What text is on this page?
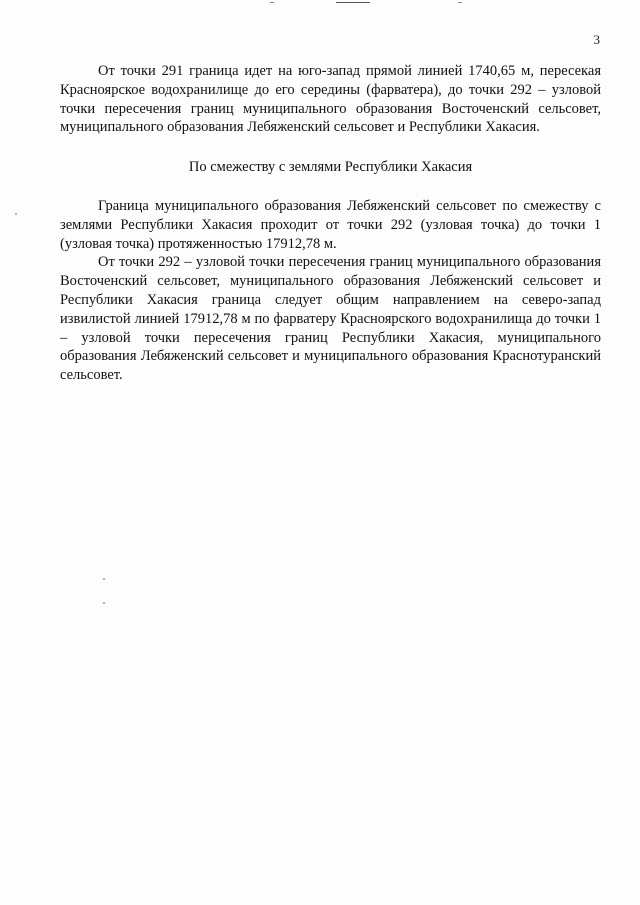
3

От точки 291 граница идет на юго-запад прямой линией 1740,65 м, пересекая Красноярское водохранилище до его середины (фарватера), до точки 292 – узловой точки пересечения границ муниципального образования Восточенский сельсовет, муниципального образования Лебяженский сельсовет и Республики Хакасия.

По смежеству с землями Республики Хакасия

Граница муниципального образования Лебяженский сельсовет по смежеству с землями Республики Хакасия проходит от точки 292 (узловая точка) до точки 1 (узловая точка) протяженностью 17912,78 м.

От точки 292 – узловой точки пересечения границ муниципального образования Восточенский сельсовет, муниципального образования Лебяженский сельсовет и Республики Хакасия граница следует общим направлением на северо-запад извилистой линией 17912,78 м по фарватеру Красноярского водохранилища до точки 1 – узловой точки пересечения границ Республики Хакасия, муниципального образования Лебяженский сельсовет и муниципального образования Краснотуранский сельсовет.
